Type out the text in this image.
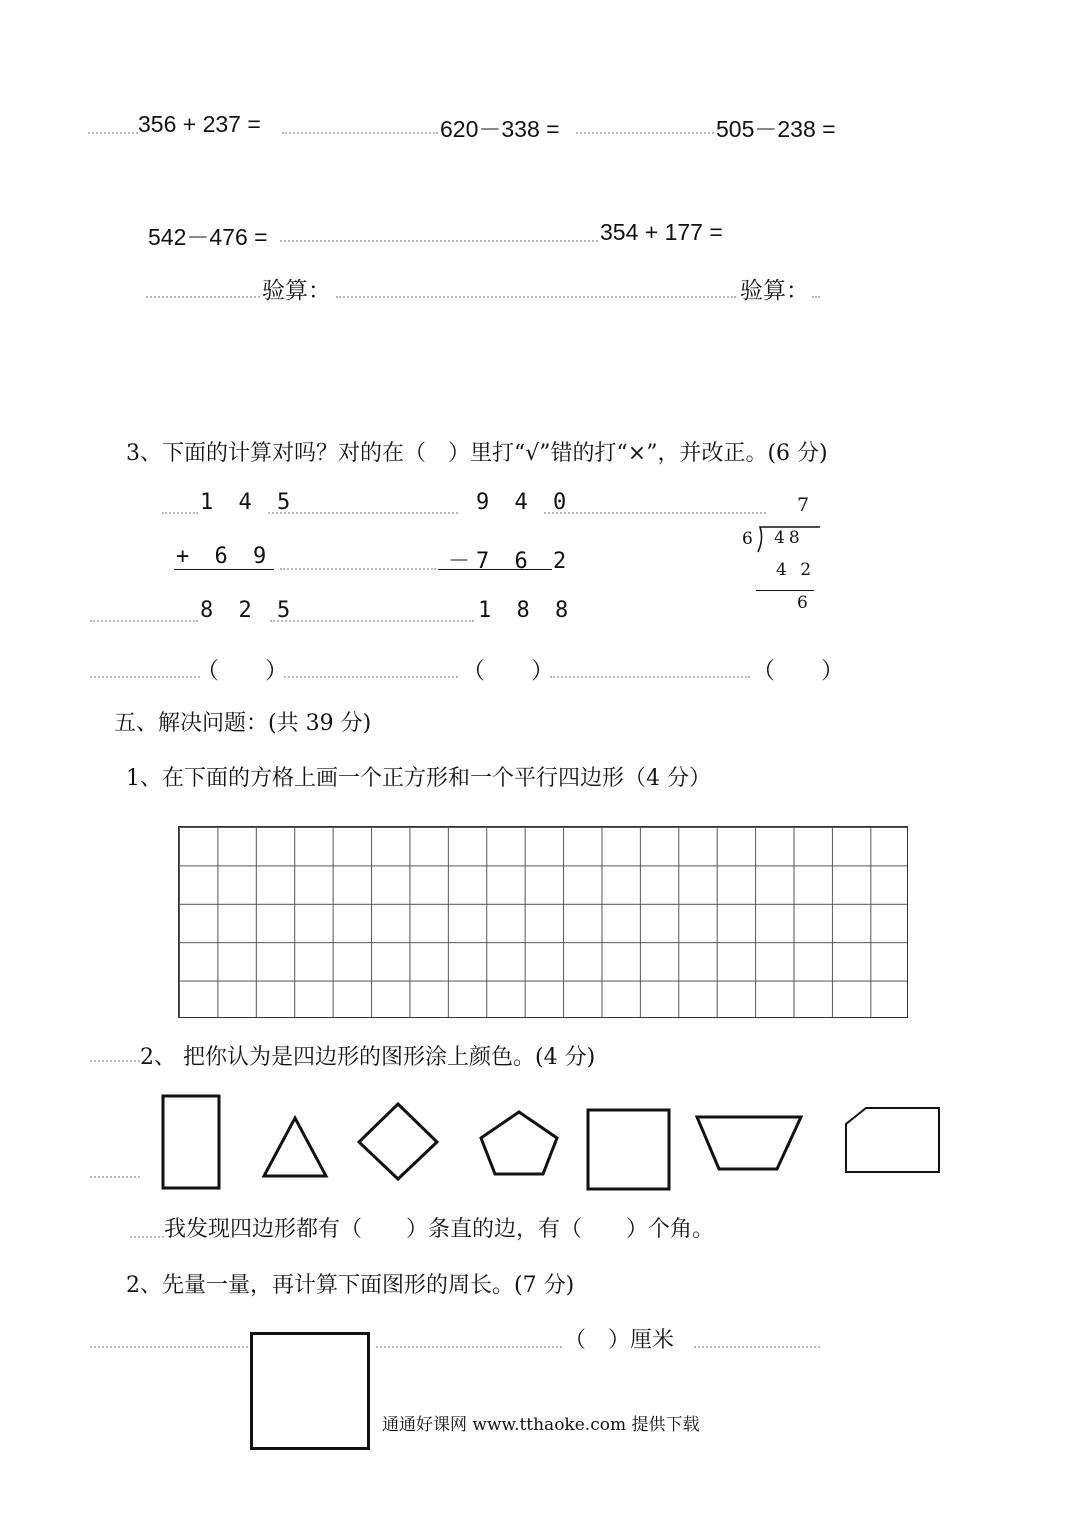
356 + 237 =	620－338 =	505－238 =
542－476 =	354 + 177 =
验算：	验算：
3、下面的计算对吗？对的在（　）里打“√”错的打“×”，并改正。(6 分)
1 4 5
+ 6 9
8 2 5
9 4 0
－7 6 2
1 8 8
7
6 48
4 2
6
（　　）	（　　）	（　　）
五、解决问题：(共 39 分)
1、在下面的方格上画一个正方形和一个平行四边形（4 分）
2、 把你认为是四边形的图形涂上颜色。(4 分)
我发现四边形都有（　　）条直的边，有（　　）个角。
2、先量一量，再计算下面图形的周长。(7 分)
（　）厘米
通通好课网 www.tthaoke.com 提供下载
